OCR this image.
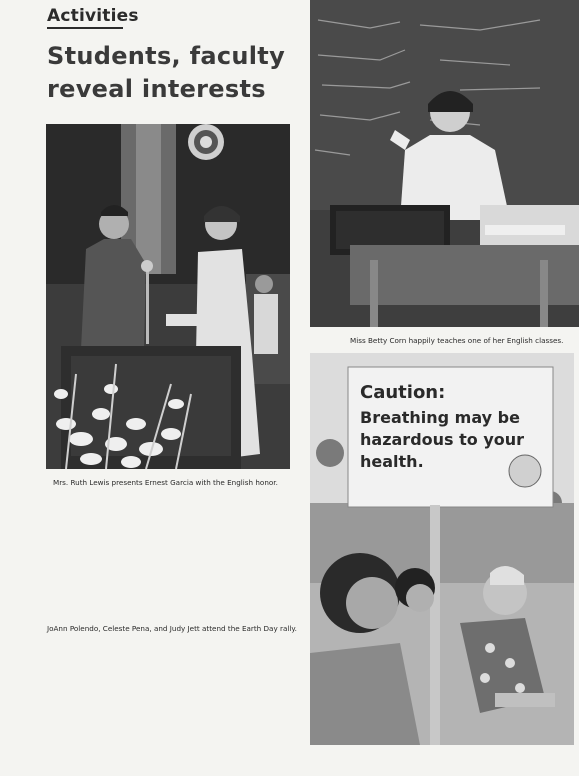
Activities
Students, faculty reveal interests
Mrs. Ruth Lewis presents Ernest Garcia with the English honor.
Miss Betty Corn happily teaches one of her English classes.
Caution:
Breathing may be
hazardous to your
health.
JoAnn Polendo, Celeste Pena, and Judy Jett attend the Earth Day rally.
